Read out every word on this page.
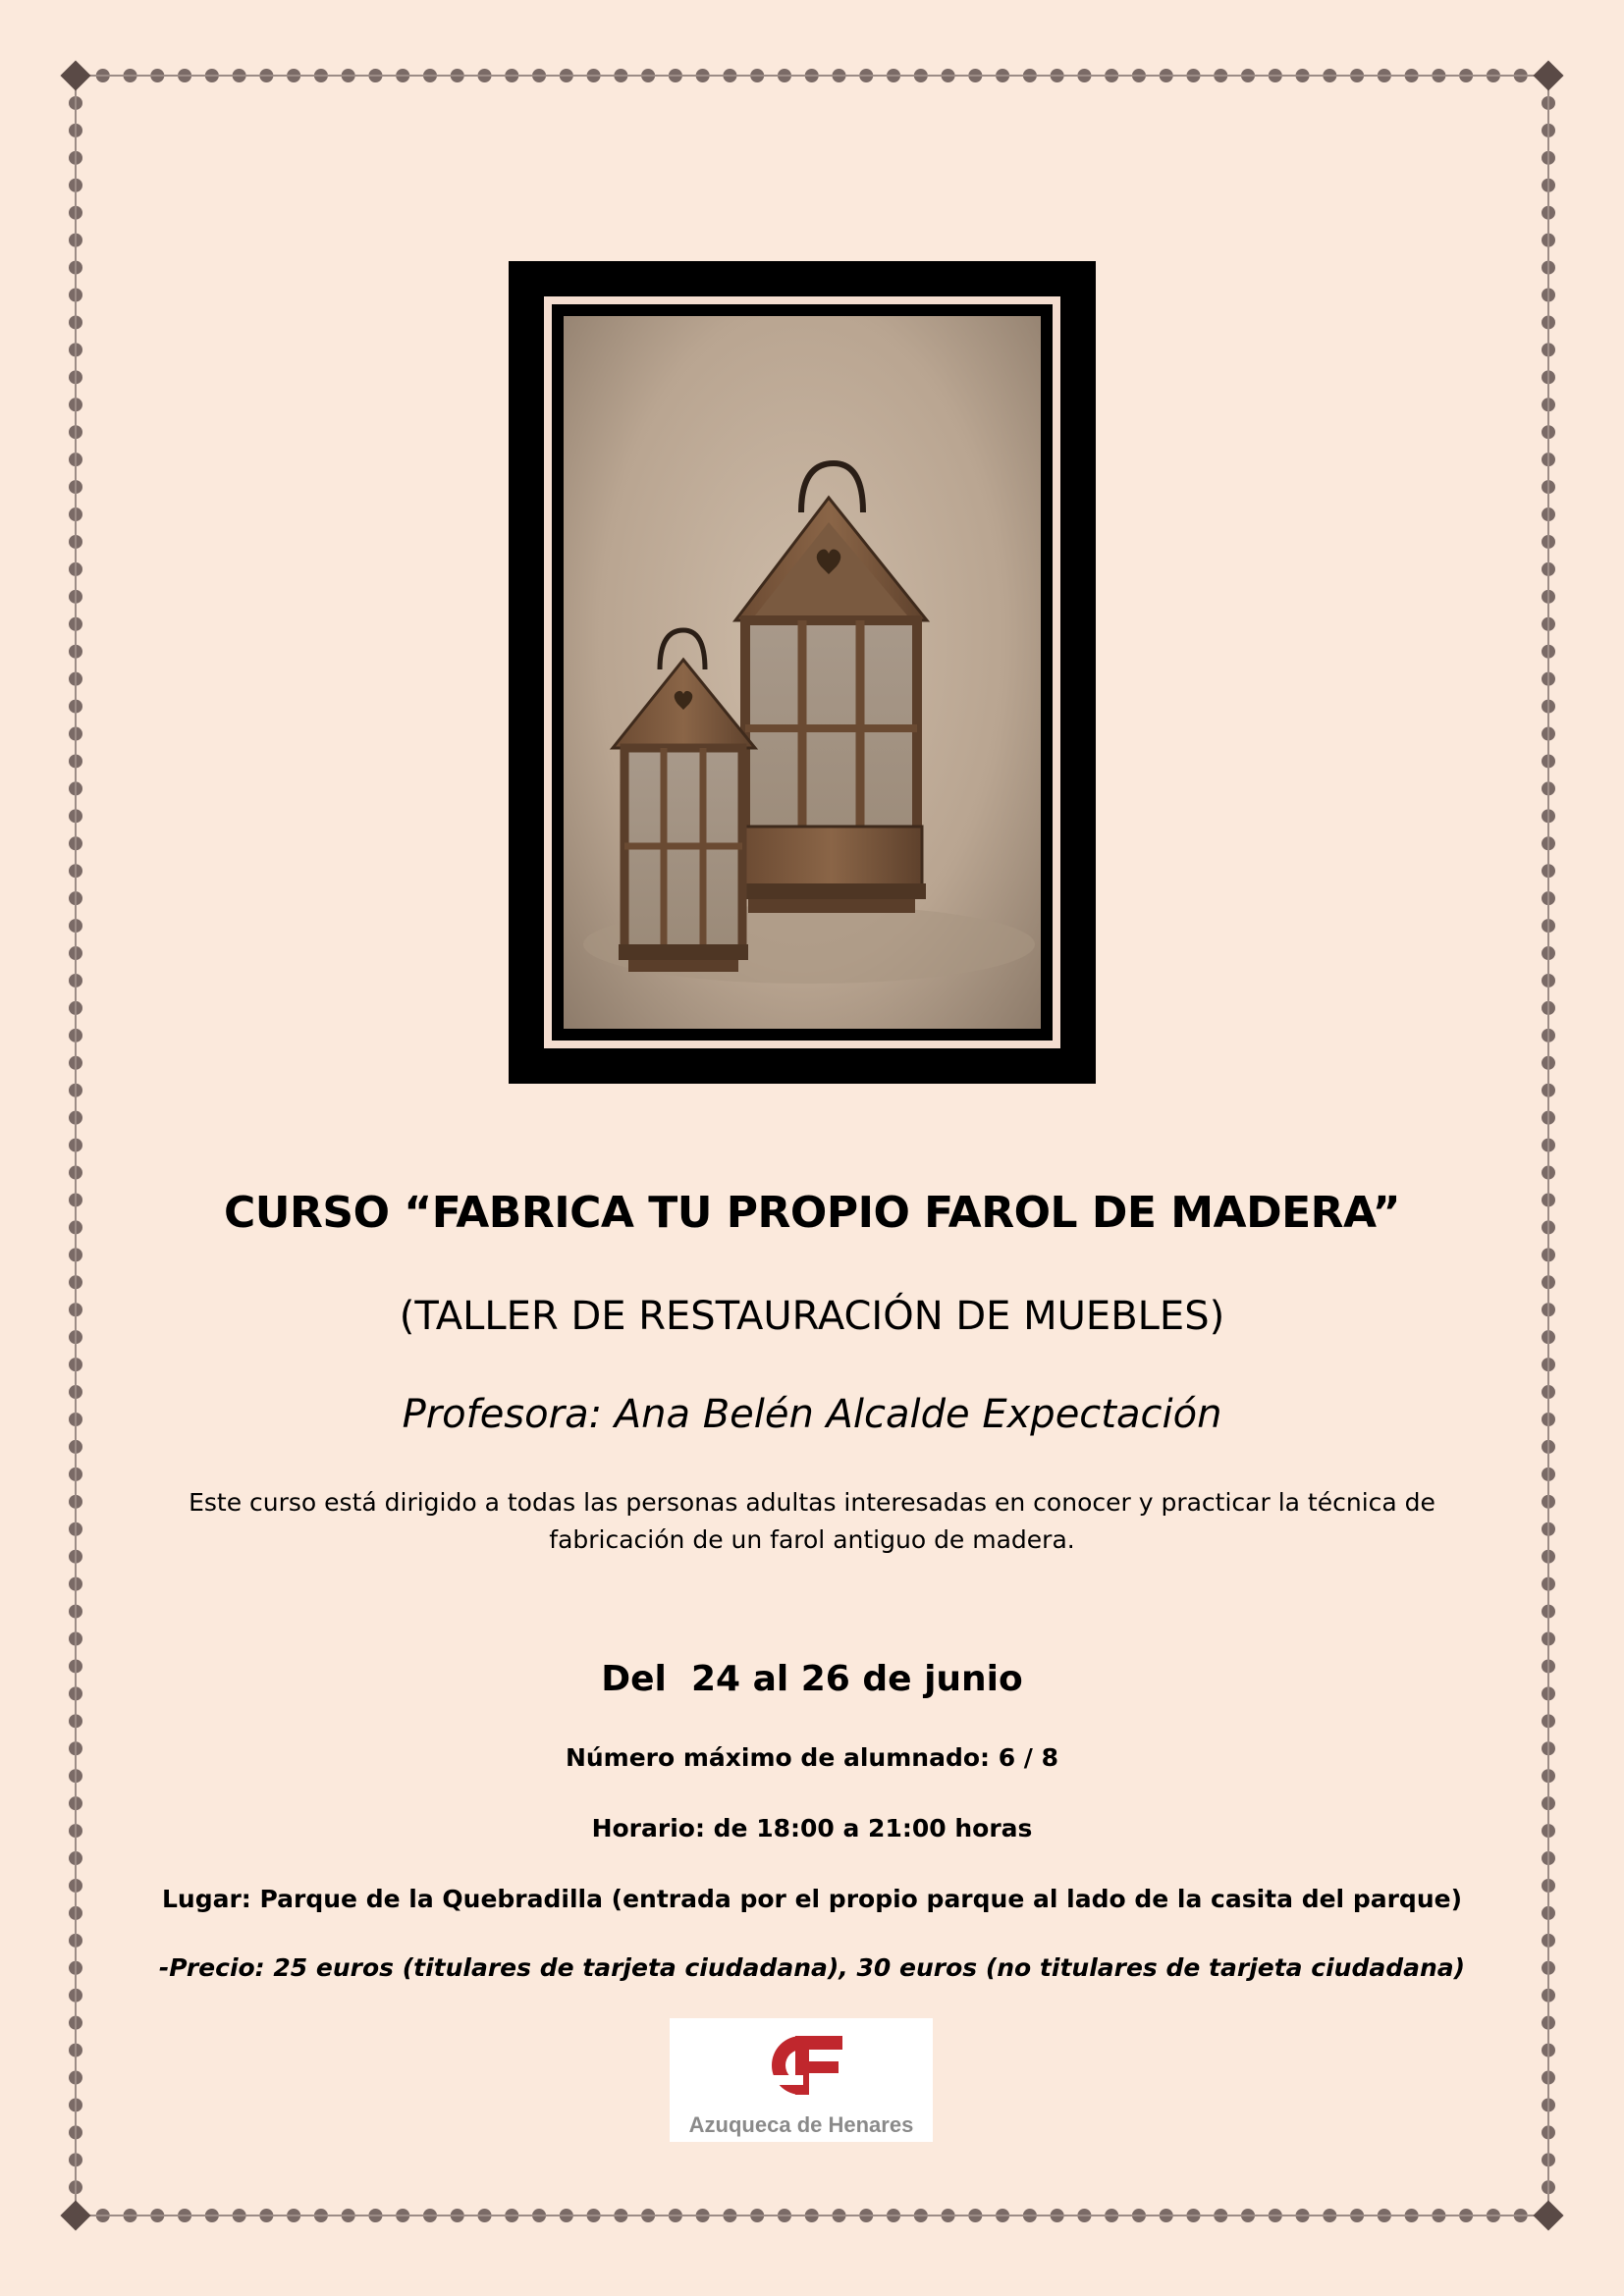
CURSO “FABRICA TU PROPIO FAROL DE MADERA”
(TALLER DE RESTAURACIÓN DE MUEBLES)
Profesora: Ana Belén Alcalde Expectación
Este curso está dirigido a todas las personas adultas interesadas en conocer y practicar la técnica de fabricación de un farol antiguo de madera.
Del  24 al 26 de junio
Número máximo de alumnado: 6 / 8
Horario: de 18:00 a 21:00 horas
Lugar: Parque de la Quebradilla (entrada por el propio parque al lado de la casita del parque)
-Precio: 25 euros (titulares de tarjeta ciudadana), 30 euros (no titulares de tarjeta ciudadana)
Azuqueca de Henares
